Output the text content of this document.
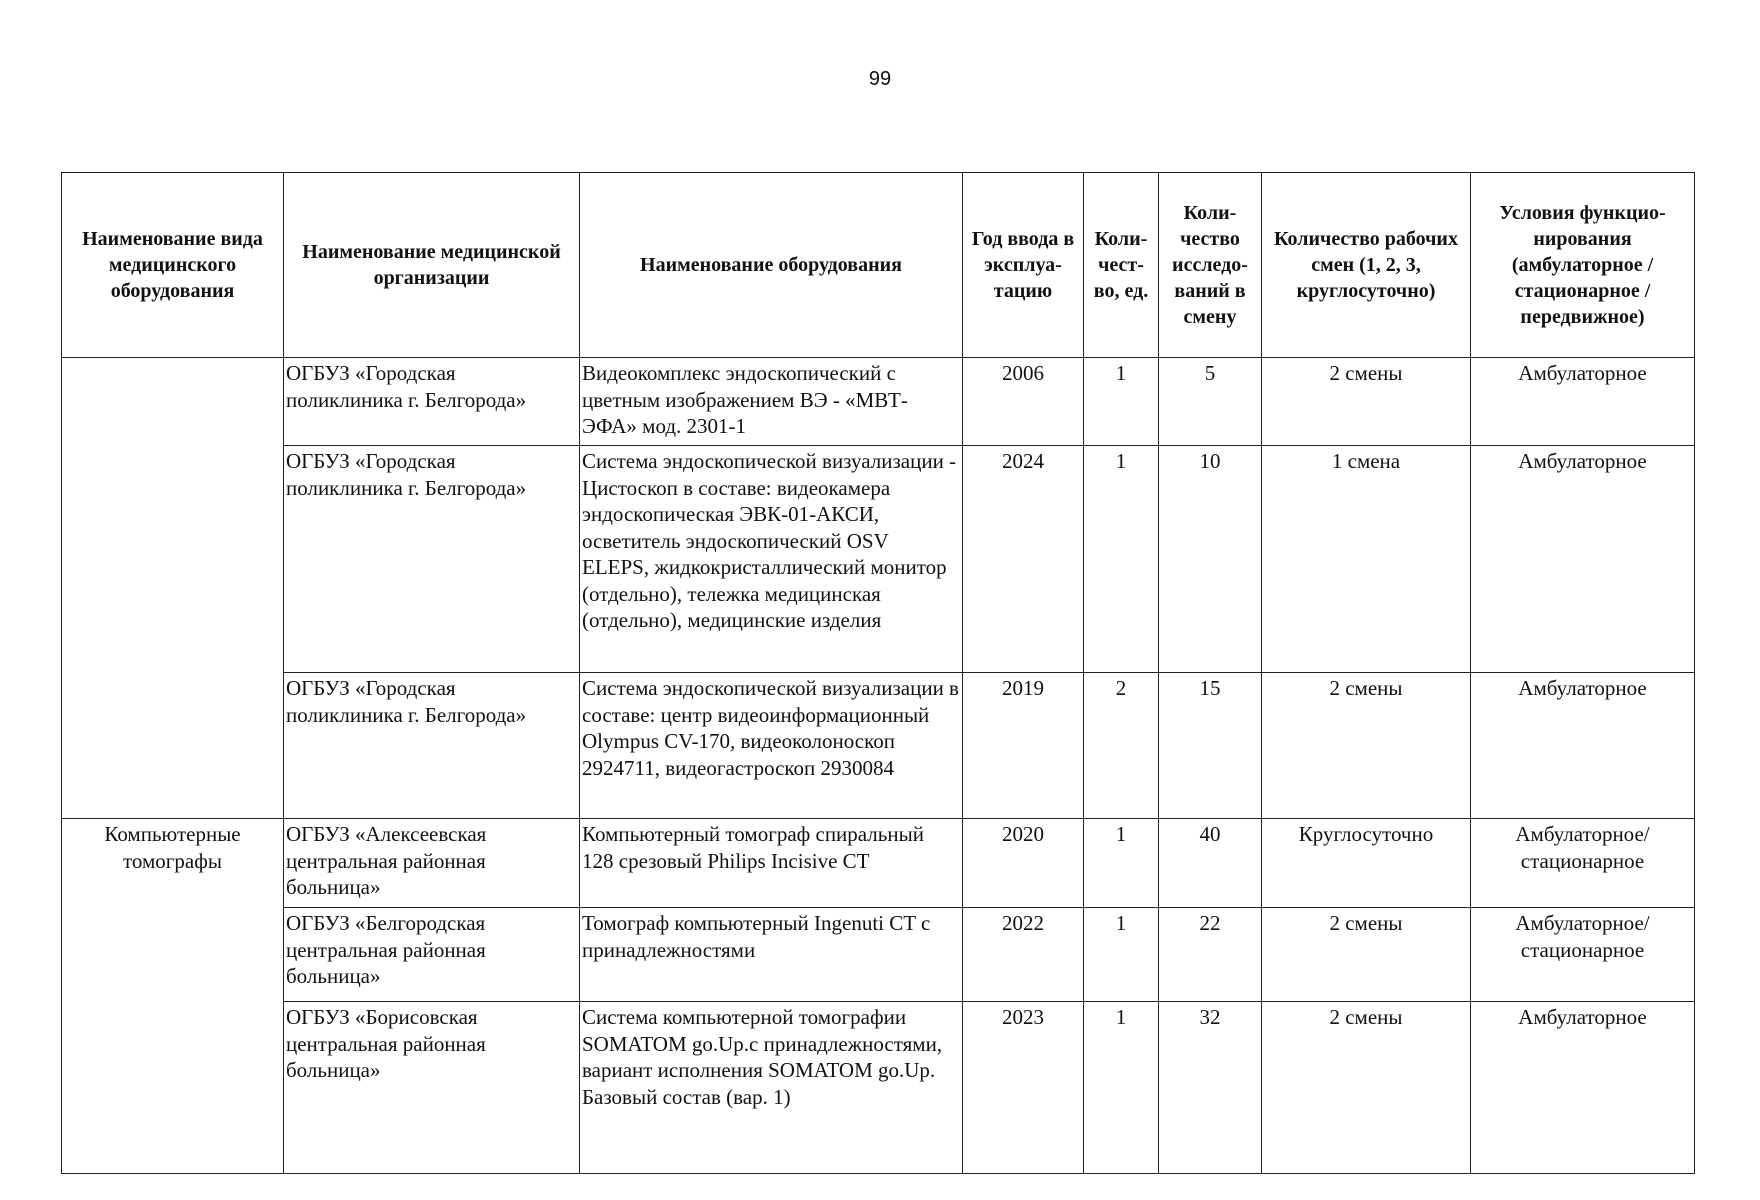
99
Наименование вида медицинского оборудования	Наименование медицинской организации	Наименование оборудования	Год ввода в эксплуа-тацию	Коли-чест-во, ед.	Коли-чество исследо-ваний в смену	Количество рабочих смен (1, 2, 3, круглосуточно)	Условия функцио-нирования (амбулаторное / стационарное / передвижное)
	ОГБУЗ «Городская поликлиника г. Белгорода»	Видеокомплекс эндоскопический с цветным изображением ВЭ - «МВТ-ЭФА» мод. 2301-1	2006	1	5	2 смены	Амбулаторное
	ОГБУЗ «Городская поликлиника г. Белгорода»	Система эндоскопической визуализации - Цистоскоп в составе: видеокамера эндоскопическая ЭВК-01-АКСИ, осветитель эндоскопический OSV ELEPS, жидкокристаллический монитор (отдельно), тележка медицинская (отдельно), медицинские изделия	2024	1	10	1 смена	Амбулаторное
	ОГБУЗ «Городская поликлиника г. Белгорода»	Система эндоскопической визуализации в составе: центр видеоинформационный Olympus CV-170, видеоколоноскоп 2924711, видеогастроскоп 2930084	2019	2	15	2 смены	Амбулаторное
Компьютерные томографы	ОГБУЗ «Алексеевская центральная районная больница»	Компьютерный томограф спиральный 128 срезовый Philips Incisive CT	2020	1	40	Круглосуточно	Амбулаторное/ стационарное
	ОГБУЗ «Белгородская центральная районная больница»	Томограф компьютерный Ingenuti CT с принадлежностями	2022	1	22	2 смены	Амбулаторное/ стационарное
	ОГБУЗ «Борисовская центральная районная больница»	Система компьютерной томографии SOMATOM go.Up.c принадлежностями, вариант исполнения SOMATOM go.Up. Базовый состав (вар. 1)	2023	1	32	2 смены	Амбулаторное
